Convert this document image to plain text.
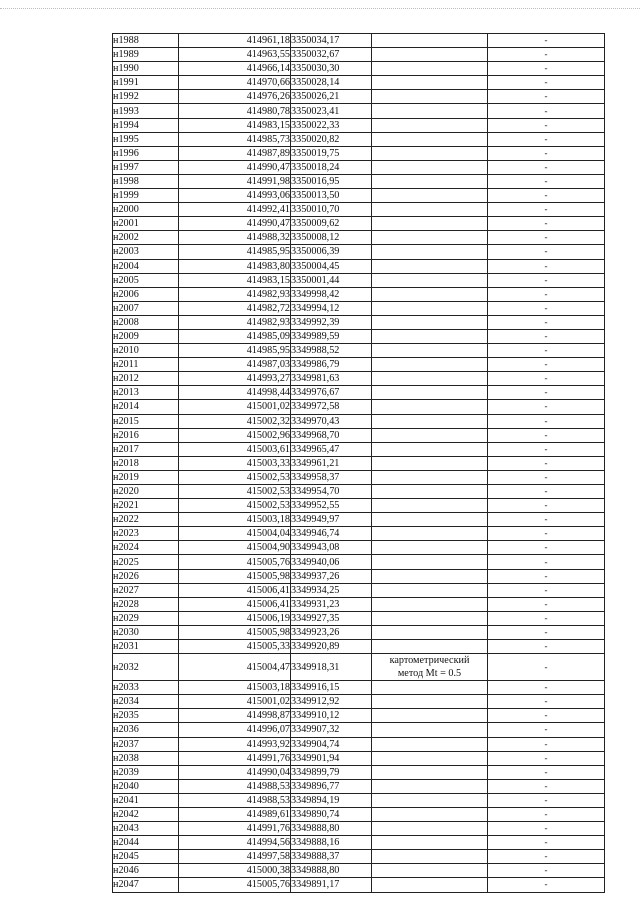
н1988	414961,18	3350034,17		-
н1989	414963,55	3350032,67		-
н1990	414966,14	3350030,30		-
н1991	414970,66	3350028,14		-
н1992	414976,26	3350026,21		-
н1993	414980,78	3350023,41		-
н1994	414983,15	3350022,33		-
н1995	414985,73	3350020,82		-
н1996	414987,89	3350019,75		-
н1997	414990,47	3350018,24		-
н1998	414991,98	3350016,95		-
н1999	414993,06	3350013,50		-
н2000	414992,41	3350010,70		-
н2001	414990,47	3350009,62		-
н2002	414988,32	3350008,12		-
н2003	414985,95	3350006,39		-
н2004	414983,80	3350004,45		-
н2005	414983,15	3350001,44		-
н2006	414982,93	3349998,42		-
н2007	414982,72	3349994,12		-
н2008	414982,93	3349992,39		-
н2009	414985,09	3349989,59		-
н2010	414985,95	3349988,52		-
н2011	414987,03	3349986,79		-
н2012	414993,27	3349981,63		-
н2013	414998,44	3349976,67		-
н2014	415001,02	3349972,58		-
н2015	415002,32	3349970,43		-
н2016	415002,96	3349968,70		-
н2017	415003,61	3349965,47		-
н2018	415003,33	3349961,21		-
н2019	415002,53	3349958,37		-
н2020	415002,53	3349954,70		-
н2021	415002,53	3349952,55		-
н2022	415003,18	3349949,97		-
н2023	415004,04	3349946,74		-
н2024	415004,90	3349943,08		-
н2025	415005,76	3349940,06		-
н2026	415005,98	3349937,26		-
н2027	415006,41	3349934,25		-
н2028	415006,41	3349931,23		-
н2029	415006,19	3349927,35		-
н2030	415005,98	3349923,26		-
н2031	415005,33	3349920,89		-
н2032	415004,47	3349918,31	картометрический
метод Mt = 0.5	-
н2033	415003,18	3349916,15		-
н2034	415001,02	3349912,92		-
н2035	414998,87	3349910,12		-
н2036	414996,07	3349907,32		-
н2037	414993,92	3349904,74		-
н2038	414991,76	3349901,94		-
н2039	414990,04	3349899,79		-
н2040	414988,53	3349896,77		-
н2041	414988,53	3349894,19		-
н2042	414989,61	3349890,74		-
н2043	414991,76	3349888,80		-
н2044	414994,56	3349888,16		-
н2045	414997,58	3349888,37		-
н2046	415000,38	3349888,80		-
н2047	415005,76	3349891,17		-
